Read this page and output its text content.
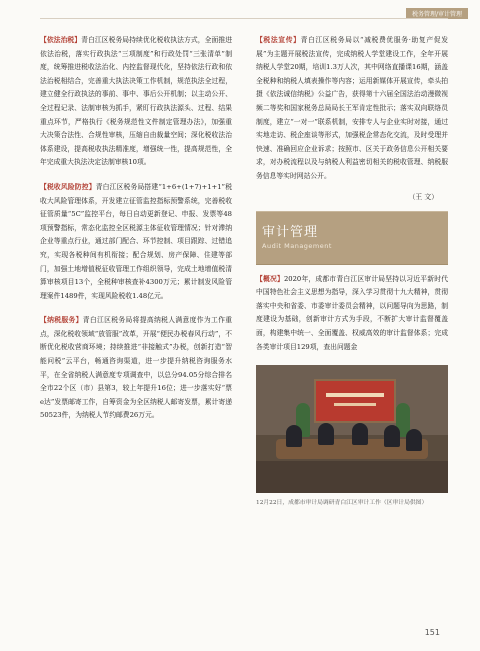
税务管理/审计管理

【依法治税】青白江区税务局持续优化税收执法方式，全面推进依法治税，落实行政执法“三项制度”和行政处罚“三张清单”制度，统筹推进税收法治化、内控监督现代化，坚持依法行政和依法治税相结合，完善重大执法决策工作机制，规范执法全过程，建立健全行政执法的事前、事中、事后公开机制；以主动公开、全过程记录、法制审核为抓手，紧盯行政执法源头、过程、结果重点环节，严格执行《税务规范性文件制定管理办法》，加强重大决策合法性、合规性审核，压缩自由裁量空间；深化税收法治体系建设，提高税收执法精准度，增强统一性，提高规范性，全年完成重大执法决定法制审核10项。

【税收风险防控】青白江区税务局搭建“1+6+(1+7)+1+1”税收大风险管理体系，开发建立征管监控指标预警系统，完善税收征管质量“5C”监控平台，每日自动更新登记、申报、发票等48项预警指标，常态化监控全区税源主体征收管理情况；针对滞纳企业等重点行业，通过部门配合、环节控制、项目跟踪、过错追究，实现各税种间有机衔接；配合规划、房产保障、住建等部门，加强土地增值税征收管理工作组织领导，完成土地增值税清算审核项目13个，全税种审核查补4300万元；累计制发风险管理案件1489件，实现风险税收1.48亿元。

【纳税服务】青白江区税务局将提高纳税人满意度作为工作重点，深化税收领域“放管服”改革，开展“便民办税春风行动”，不断优化税收营商环境；持续推进“非接触式”办税，创新打造“智能问税”云平台，畅通咨询渠道，进一步提升纳税咨询服务水平，在全省纳税人满意度专项调查中，以总分94.05分综合排名全市22个区（市）县第3，较上年提升16位；进一步落实好“票e达”发票邮寄工作，自筹资金为全区纳税人邮寄发票，累计寄递50523件，为纳税人节约邮费26万元。

【税法宣传】青白江区税务局以“减税费优服务·助复产促发展”为主题开展税法宣传，完成纳税人学堂建设工作，全年开展纳税人学堂20期，培训1.3万人次，其中网络直播课16期，涵盖全税种和纳税人填表操作等内容；运用新媒体开展宣传，牵头拍摄《依法诚信纳税》公益广告，获得第十六届全国法治动漫微视频二等奖和国家税务总局局长王军肯定性批示；落实双向联络员制度，建立“一对一”联系机制，安排专人与企业实时对接，通过实地走访、税企座谈等形式，加强税企常态化交流，及时受理并快速、准确回应企业诉求；按照市、区关于政务信息公开相关要求，对办税流程以及与纳税人利益密切相关的税收管理、纳税服务信息等实时网站公开。

（王 文）

审计管理
Audit Management

【概况】2020年，成都市青白江区审计局坚持以习近平新时代中国特色社会主义思想为指导，深入学习贯彻十九大精神，贯彻落实中央和省委、市委审计委员会精神，以问题导向为思路，制度建设为基础，创新审计方式为手段，不断扩大审计监督覆盖面，构建集中统一、全面覆盖、权威高效的审计监督体系；完成各类审计项目129项，查出问题金

12月22日，成都市审计局调研青白江区审计工作（区审计局供图）

151
